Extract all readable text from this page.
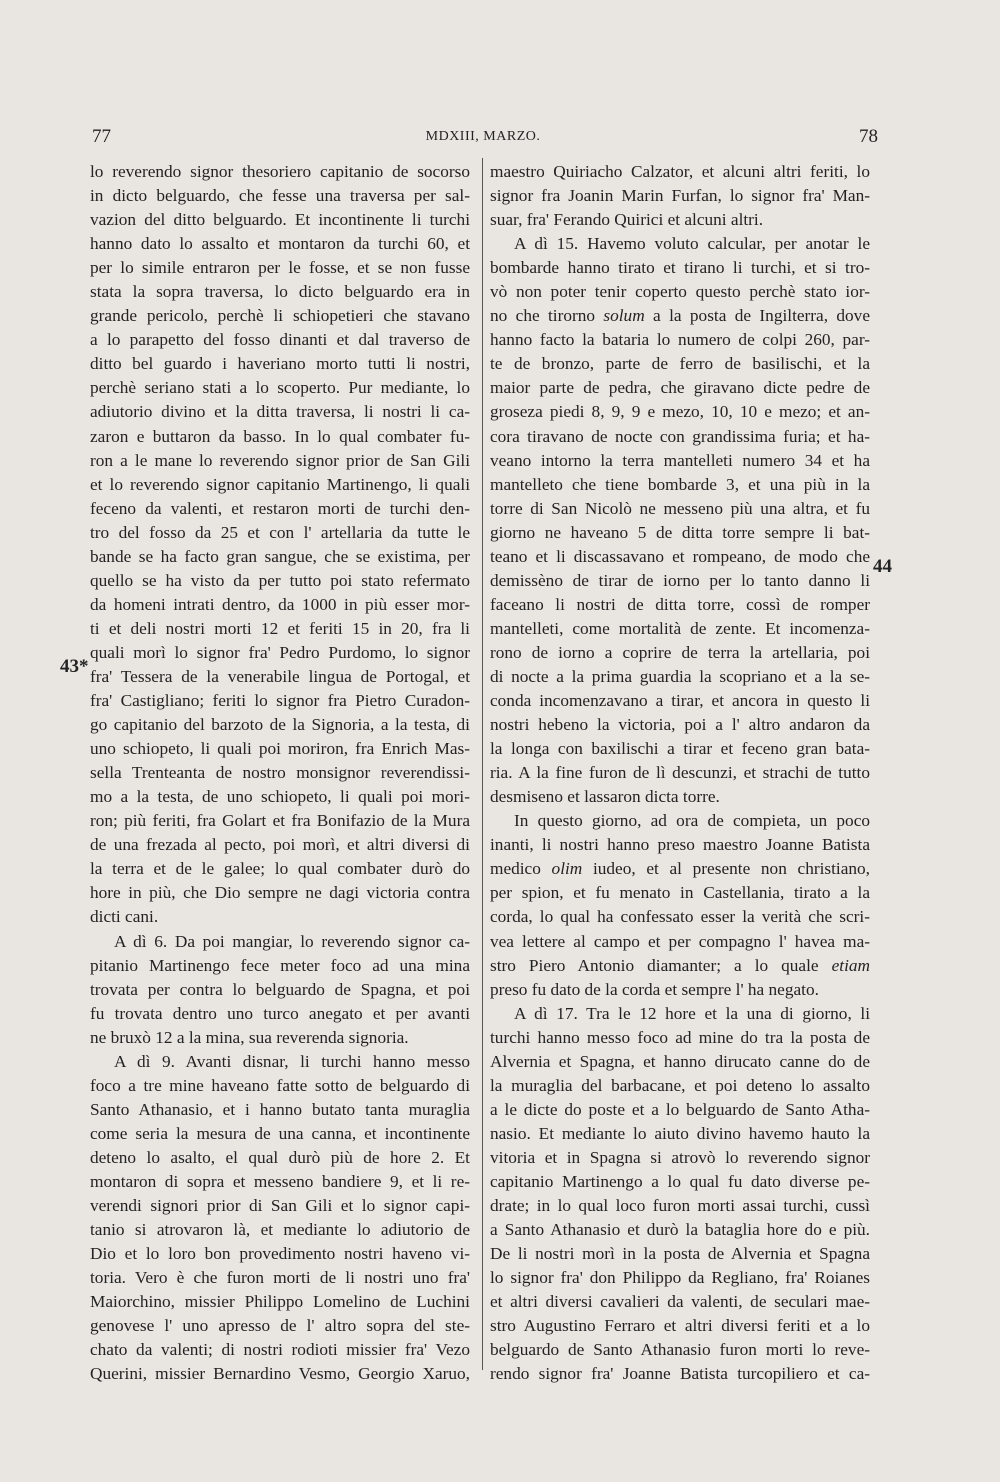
77	MDXIII, MARZO.	78
lo reverendo signor thesoriero capitanio de socorso
in dicto belguardo, che fesse una traversa per sal-
vazion del ditto belguardo. Et incontinente li turchi
hanno dato lo assalto et montaron da turchi 60, et
per lo simile entraron per le fosse, et se non fusse
stata la sopra traversa, lo dicto belguardo era in
grande pericolo, perchè li schiopetieri che stavano
a lo parapetto del fosso dinanti et dal traverso de
ditto bel guardo i haveriano morto tutti li nostri,
perchè seriano stati a lo scoperto. Pur mediante, lo
adiutorio divino et la ditta traversa, li nostri li ca-
zaron e buttaron da basso. In lo qual combater fu-
ron a le mane lo reverendo signor prior de San Gili
et lo reverendo signor capitanio Martinengo, li quali
feceno da valenti, et restaron morti de turchi den-
tro del fosso da 25 et con l' artellaria da tutte le
bande se ha facto gran sangue, che se existima, per
quello se ha visto da per tutto poi stato refermato
da homeni intrati dentro, da 1000 in più esser mor-
ti et deli nostri morti 12 et feriti 15 in 20, fra li
quali morì lo signor fra' Pedro Purdomo, lo signor
fra' Tessera de la venerabile lingua de Portogal, et
fra' Castigliano; feriti lo signor fra Pietro Curadon-
go capitanio del barzoto de la Signoria, a la testa, di
uno schiopeto, li quali poi moriron, fra Enrich Mas-
sella Trenteanta de nostro monsignor reverendissi-
mo a la testa, de uno schiopeto, li quali poi mori-
ron; più feriti, fra Golart et fra Bonifazio de la Mura
de una frezada al pecto, poi morì, et altri diversi di
la terra et de le galee; lo qual combater durò do
hore in più, che Dio sempre ne dagi victoria contra
dicti cani.
A dì 6. Da poi mangiar, lo reverendo signor ca-
pitanio Martinengo fece meter foco ad una mina
trovata per contra lo belguardo de Spagna, et poi
fu trovata dentro uno turco anegato et per avanti
ne bruxò 12 a la mina, sua reverenda signoria.
A dì 9. Avanti disnar, li turchi hanno messo
foco a tre mine haveano fatte sotto de belguardo di
Santo Athanasio, et i hanno butato tanta muraglia
come seria la mesura de una canna, et incontinente
deteno lo asalto, el qual durò più de hore 2. Et
montaron di sopra et messeno bandiere 9, et li re-
verendi signori prior di San Gili et lo signor capi-
tanio si atrovaron là, et mediante lo adiutorio de
Dio et lo loro bon provedimento nostri haveno vi-
toria. Vero è che furon morti de li nostri uno fra'
Maiorchino, missier Philippo Lomelino de Luchini
genovese l' uno apresso de l' altro sopra del ste-
chato da valenti; di nostri rodioti missier fra' Vezo
Querini, missier Bernardino Vesmo, Georgio Xaruo,
maestro Quiriacho Calzator, et alcuni altri feriti, lo
signor fra Joanin Marin Furfan, lo signor fra' Man-
suar, fra' Ferando Quirici et alcuni altri.
A dì 15. Havemo voluto calcular, per anotar le
bombarde hanno tirato et tirano li turchi, et si tro-
vò non poter tenir coperto questo perchè stato ior-
no che tirorno solum a la posta de Ingilterra, dove
hanno facto la bataria lo numero de colpi 260, par-
te de bronzo, parte de ferro de basilischi, et la
maior parte de pedra, che giravano dicte pedre de
groseza piedi 8, 9, 9 e mezo, 10, 10 e mezo; et an-
cora tiravano de nocte con grandissima furia; et ha-
veano intorno la terra mantelleti numero 34 et ha
mantelleto che tiene bombarde 3, et una più in la
torre di San Nicolò ne messeno più una altra, et fu
giorno ne haveano 5 de ditta torre sempre li bat-
teano et li discassavano et rompeano, de modo che
demissèno de tirar de iorno per lo tanto danno li
faceano li nostri de ditta torre, cossì de romper
mantelleti, come mortalità de zente. Et incomenza-
rono de iorno a coprire de terra la artellaria, poi
di nocte a la prima guardia la scopriano et a la se-
conda incomenzavano a tirar, et ancora in questo li
nostri hebeno la victoria, poi a l' altro andaron da
la longa con baxilischi a tirar et feceno gran bata-
ria. A la fine furon de lì descunzi, et strachi de tutto
desmiseno et lassaron dicta torre.
In questo giorno, ad ora de compieta, un poco
inanti, li nostri hanno preso maestro Joanne Batista
medico olim iudeo, et al presente non christiano,
per spion, et fu menato in Castellania, tirato a la
corda, lo qual ha confessato esser la verità che scri-
vea lettere al campo et per compagno l' havea ma-
stro Piero Antonio diamanter; a lo quale etiam
preso fu dato de la corda et sempre l' ha negato.
A dì 17. Tra le 12 hore et la una di giorno, li
turchi hanno messo foco ad mine do tra la posta de
Alvernia et Spagna, et hanno dirucato canne do de
la muraglia del barbacane, et poi deteno lo assalto
a le dicte do poste et a lo belguardo de Santo Atha-
nasio. Et mediante lo aiuto divino havemo hauto la
vitoria et in Spagna si atrovò lo reverendo signor
capitanio Martinengo a lo qual fu dato diverse pe-
drate; in lo qual loco furon morti assai turchi, cussì
a Santo Athanasio et durò la bataglia hore do e più.
De li nostri morì in la posta de Alvernia et Spagna
lo signor fra' don Philippo da Regliano, fra' Roianes
et altri diversi cavalieri da valenti, de seculari mae-
stro Augustino Ferraro et altri diversi feriti et a lo
belguardo de Santo Athanasio furon morti lo reve-
rendo signor fra' Joanne Batista turcopiliero et ca-
43*
44
